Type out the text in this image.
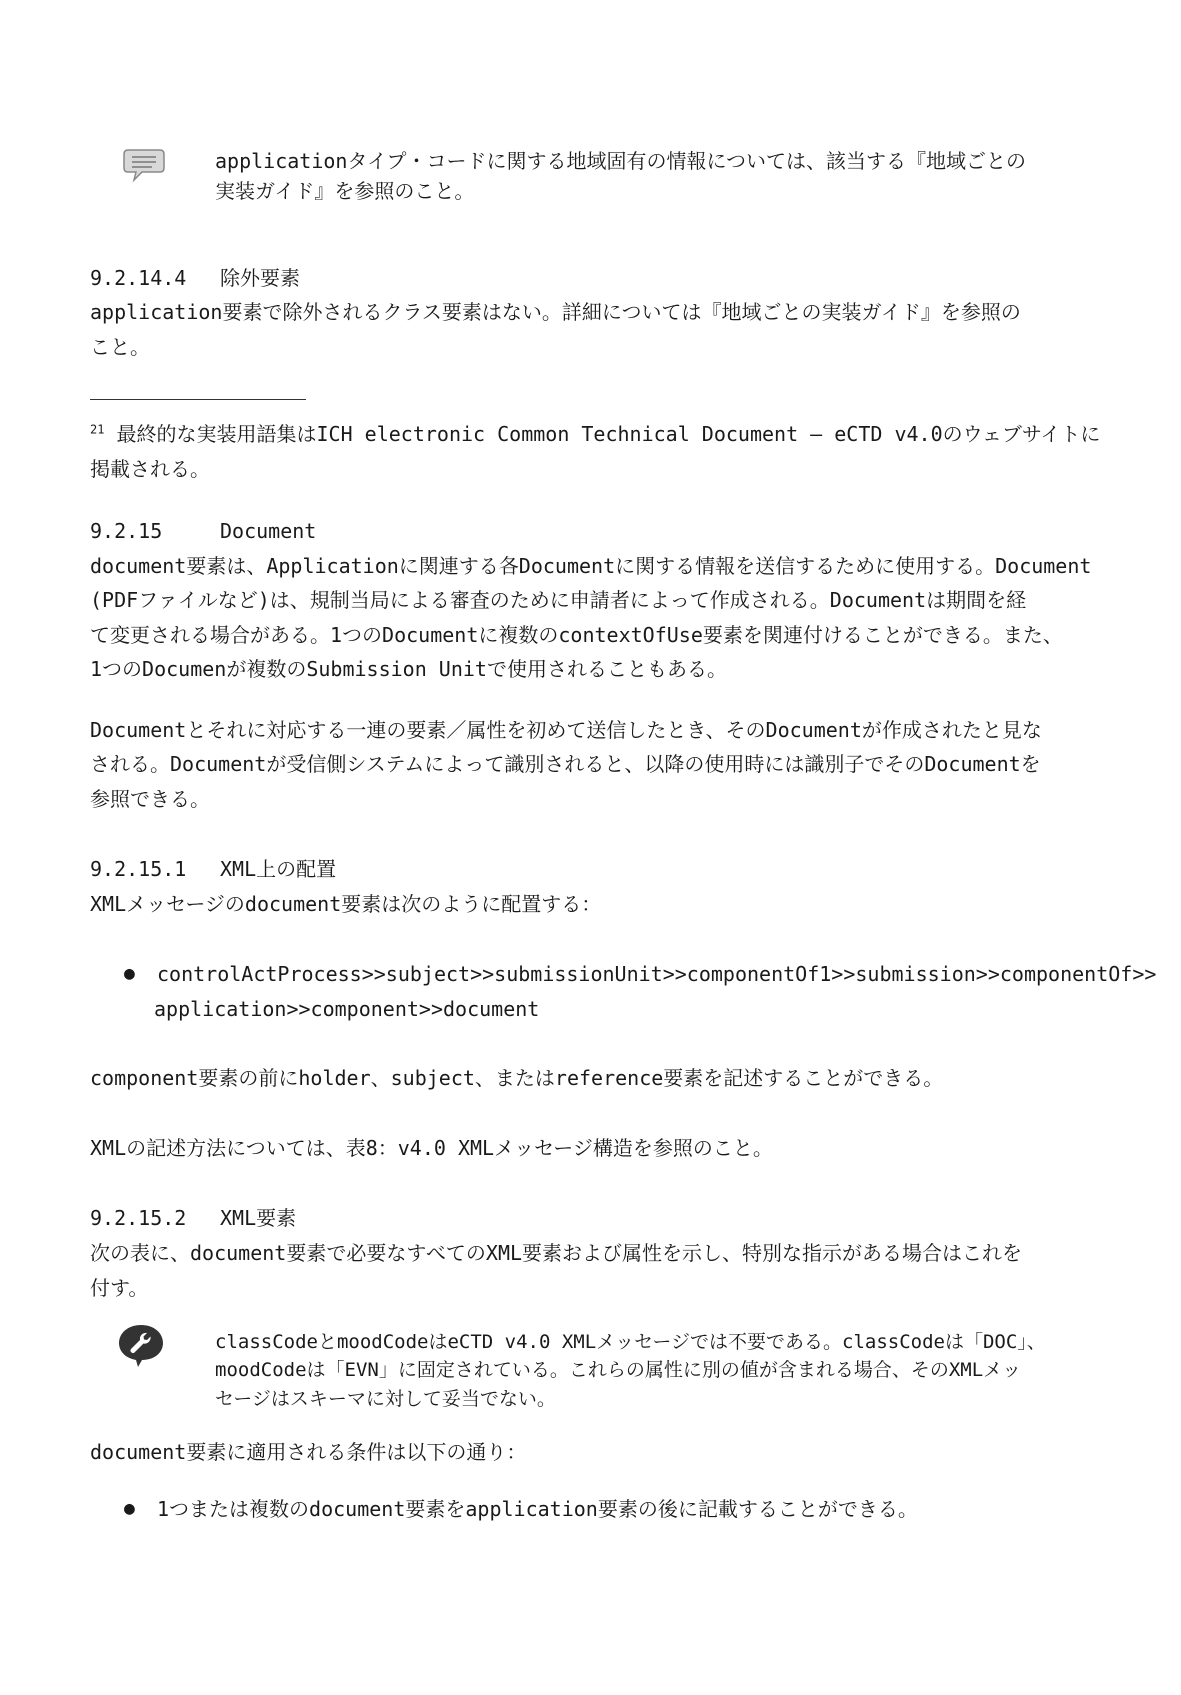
applicationタイプ・コードに関する地域固有の情報については、該当する『地域ごとの
実装ガイド』を参照のこと。
9.2.14.4 除外要素
application要素で除外されるクラス要素はない。詳細については『地域ごとの実装ガイド』を参照の
こと。
$^{21}$ 最終的な実装用語集はICH electronic Common Technical Document – eCTD v4.0のウェブサイトに
掲載される。
9.2.15	Document
document要素は、Applicationに関連する各Documentに関する情報を送信するために使用する。Document
(PDFファイルなど)は、規制当局による審査のために申請者によって作成される。Documentは期間を経
て変更される場合がある。1つのDocumentに複数のcontextOfUse要素を関連付けることができる。また、
1つのDocumenが複数のSubmission Unitで使用されることもある。
Documentとそれに対応する一連の要素／属性を初めて送信したとき、そのDocumentが作成されたと見な
される。Documentが受信側システムによって識別されると、以降の使用時には識別子でそのDocumentを
参照できる。
9.2.15.1 XML上の配置
XMLメッセージのdocument要素は次のように配置する：
● controlActProcess>>subject>>submissionUnit>>componentOf1>>submission>>componentOf>>
application>>component>>document
component要素の前にholder、subject、またはreference要素を記述することができる。
XMLの記述方法については、表8：v4.0 XMLメッセージ構造を参照のこと。
9.2.15.2 XML要素
次の表に、document要素で必要なすべてのXML要素および属性を示し、特別な指示がある場合はこれを
付す。
classCodeとmoodCodeはeCTD v4.0 XMLメッセージでは不要である。classCodeは「DOC」、
moodCodeは「EVN」に固定されている。これらの属性に別の値が含まれる場合、そのXMLメッ
セージはスキーマに対して妥当でない。
document要素に適用される条件は以下の通り：
● 1つまたは複数のdocument要素をapplication要素の後に記載することができる。
